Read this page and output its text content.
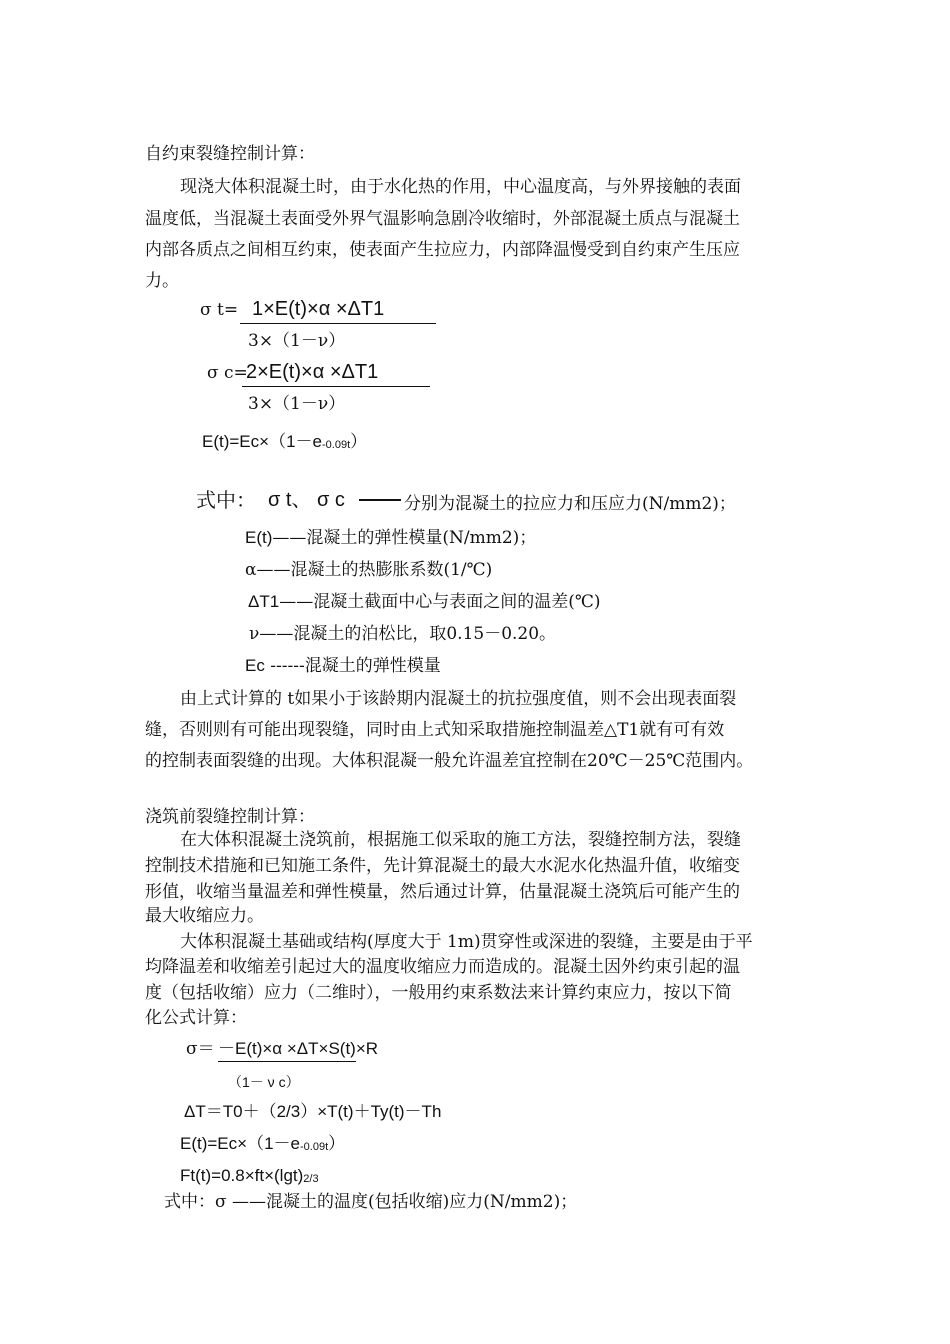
自约束裂缝控制计算：
现浇大体积混凝土时，由于水化热的作用，中心温度高，与外界接触的表面
温度低，当混凝土表面受外界气温影响急剧冷收缩时，外部混凝土质点与混凝土
内部各质点之间相互约束，使表面产生拉应力，内部降温慢受到自约束产生压应
力。
σ t= 1×E(t)×α ×ΔT1
3×（1－ν）
σ c=
2×E(t)×α ×ΔT1
3×（1－ν）
E(t)=Ec×（1－e-0.09t）
式中： σ t、 σ c	分别为混凝土的拉应力和压应力(N/mm2)；
E(t)——混凝土的弹性模量(N/mm2)；
α——混凝土的热膨胀系数(1/℃)
ΔT1——混凝土截面中心与表面之间的温差(℃)
ν——混凝土的泊松比，取0.15－0.20。
Ec ------混凝土的弹性模量
由上式计算的 t如果小于该龄期内混凝土的抗拉强度值，则不会出现表面裂
缝，否则则有可能出现裂缝，同时由上式知采取措施控制温差△T1就有可有效
的控制表面裂缝的出现。大体积混凝一般允许温差宜控制在20℃－25℃范围内。
浇筑前裂缝控制计算：
在大体积混凝土浇筑前，根据施工似采取的施工方法，裂缝控制方法，裂缝
控制技术措施和已知施工条件，先计算混凝土的最大水泥水化热温升值，收缩变
形值，收缩当量温差和弹性模量，然后通过计算，估量混凝土浇筑后可能产生的
最大收缩应力。
大体积混凝土基础或结构(厚度大于 1m)贯穿性或深进的裂缝，主要是由于平
均降温差和收缩差引起过大的温度收缩应力而造成的。混凝土因外约束引起的温
度（包括收缩）应力（二维时），一般用约束系数法来计算约束应力，按以下简
化公式计算：
σ＝ －E(t)×α ×ΔT×S(t)×R
（1－ ν c）
ΔT＝T0＋（2/3）×T(t)＋Ty(t)－Th
E(t)=Ec×（1－e-0.09t）
Ft(t)=0.8×ft×(lgt)2/3
式中：σ ——混凝土的温度(包括收缩)应力(N/mm2)；
